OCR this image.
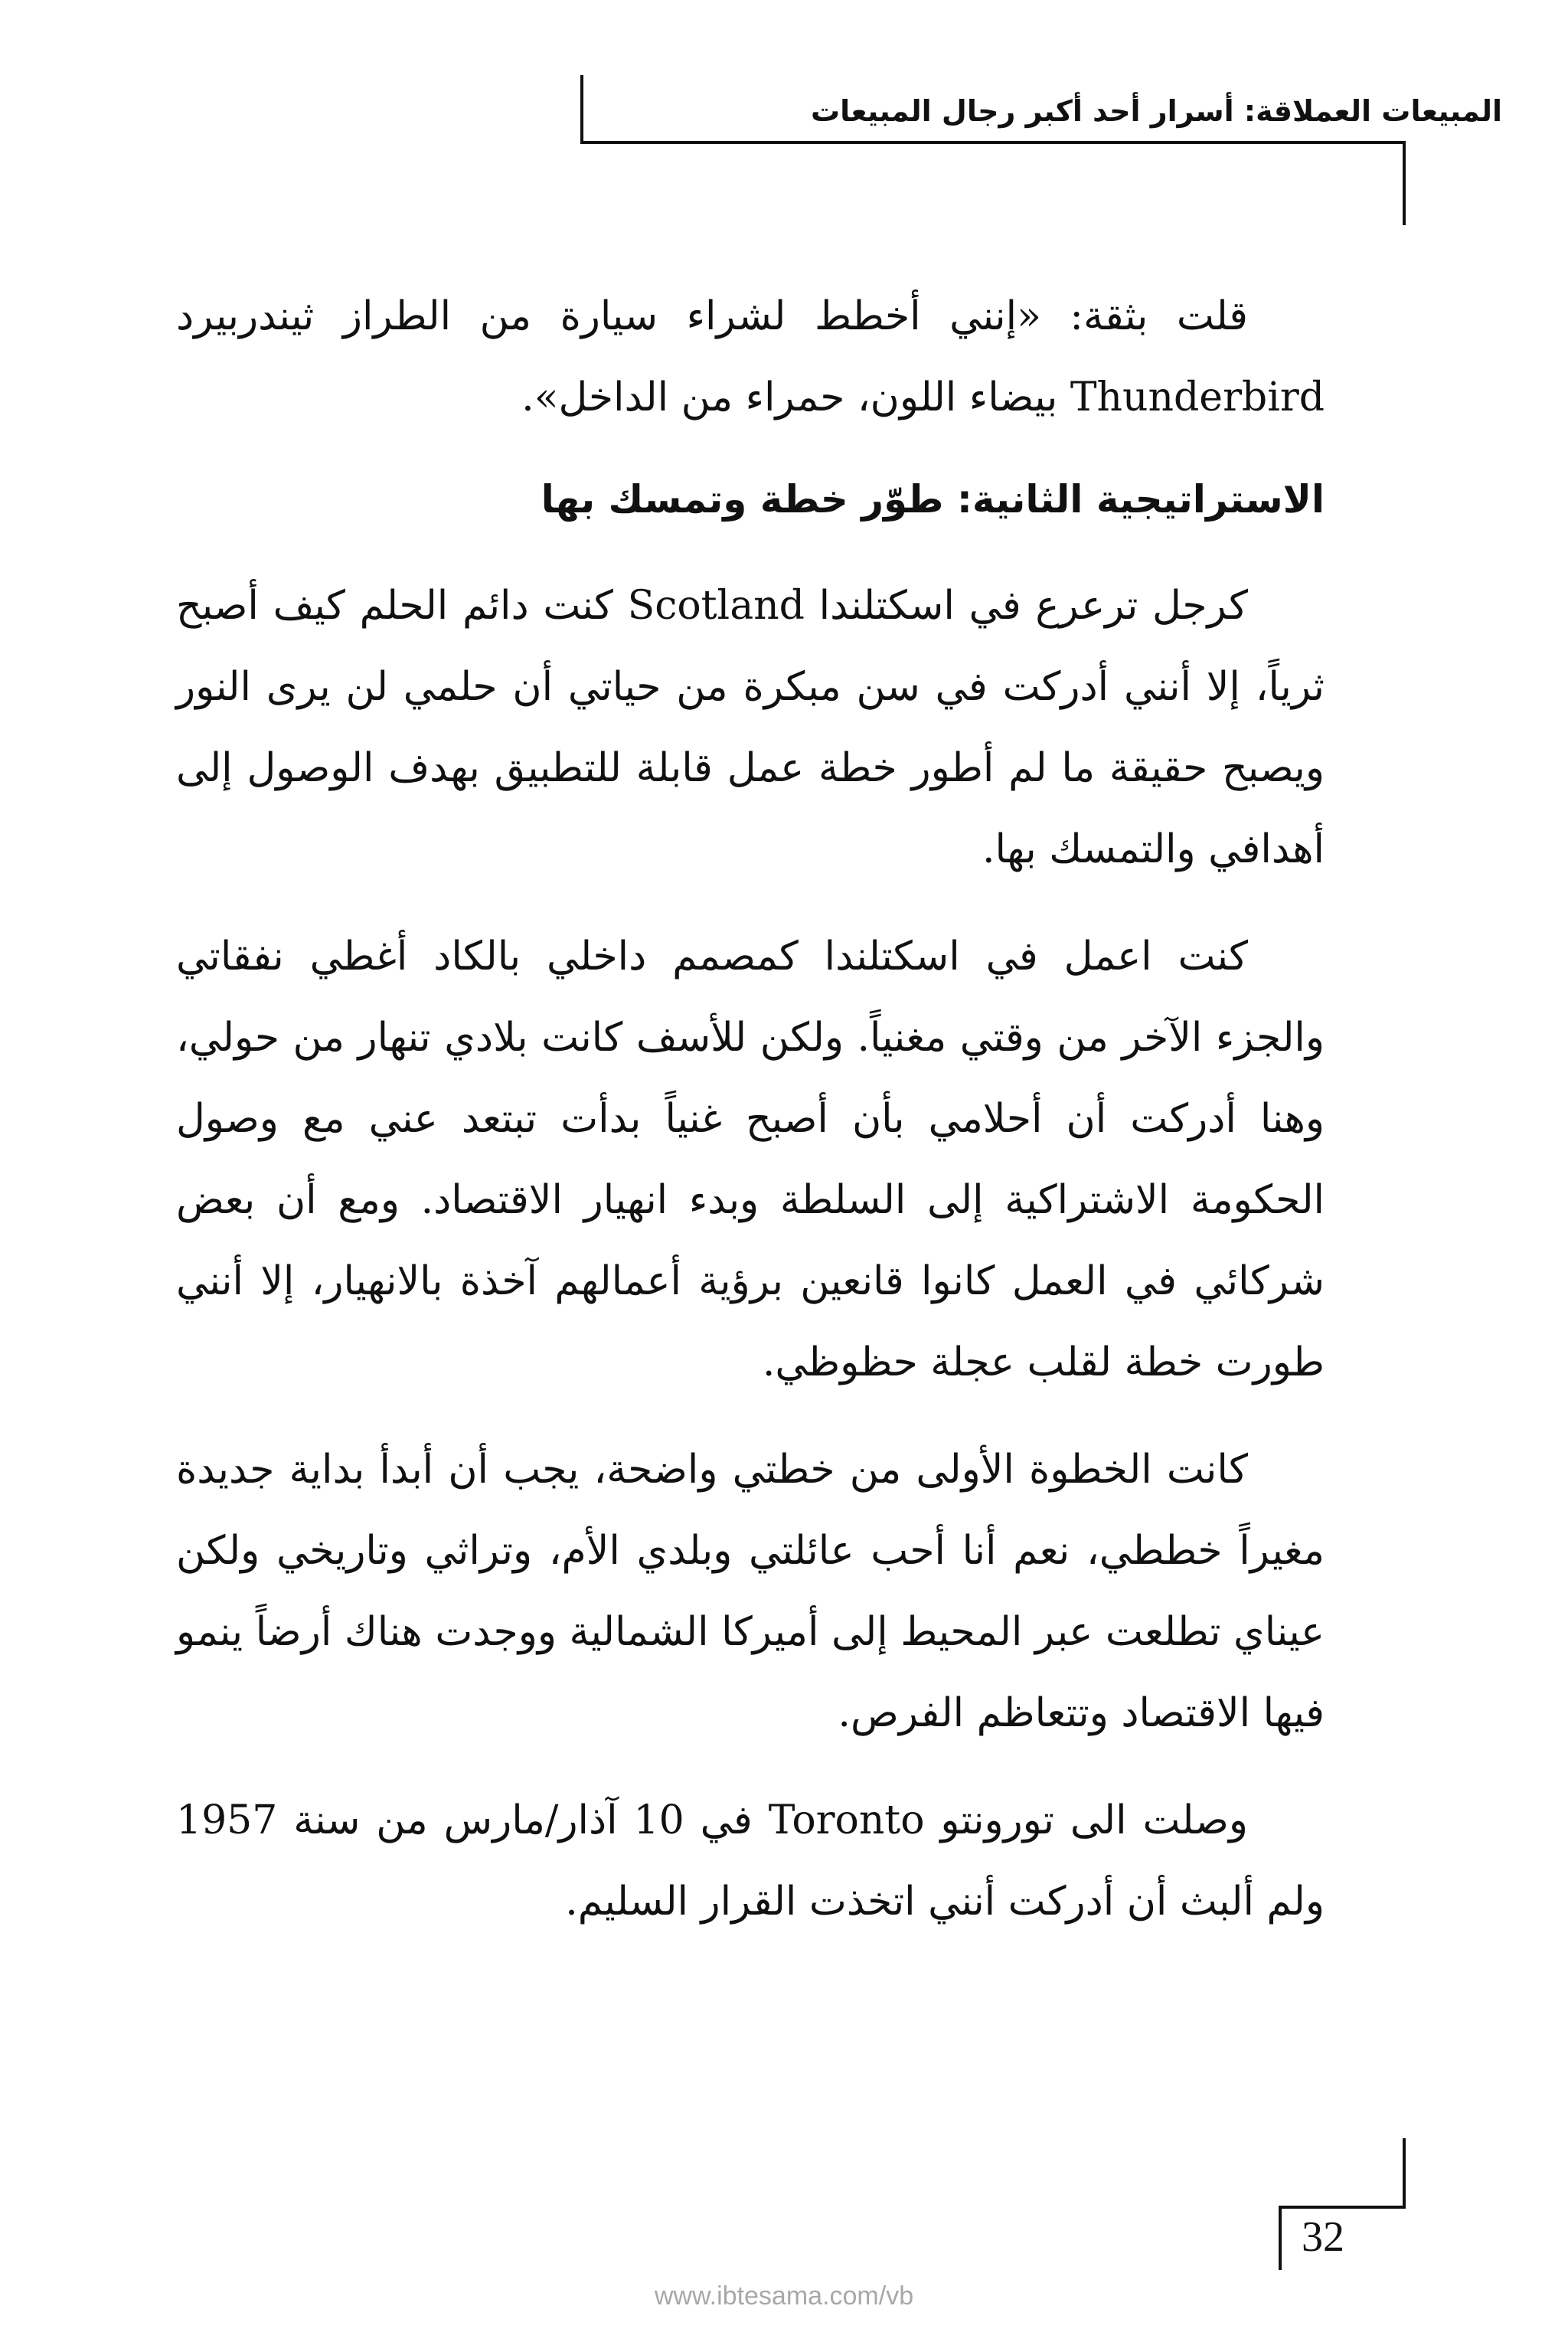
المبيعات العملاقة: أسرار أحد أكبر رجال المبيعات

قلت بثقة: «إنني أخطط لشراء سيارة من الطراز ثيندربيرد Thunderbird بيضاء اللون، حمراء من الداخل».

الاستراتيجية الثانية: طوّر خطة وتمسك بها

كرجل ترعرع في اسكتلندا Scotland كنت دائم الحلم كيف أصبح ثرياً، إلا أنني أدركت في سن مبكرة من حياتي أن حلمي لن يرى النور ويصبح حقيقة ما لم أطور خطة عمل قابلة للتطبيق بهدف الوصول إلى أهدافي والتمسك بها.

كنت اعمل في اسكتلندا كمصمم داخلي بالكاد أغطي نفقاتي والجزء الآخر من وقتي مغنياً. ولكن للأسف كانت بلادي تنهار من حولي، وهنا أدركت أن أحلامي بأن أصبح غنياً بدأت تبتعد عني مع وصول الحكومة الاشتراكية إلى السلطة وبدء انهيار الاقتصاد. ومع أن بعض شركائي في العمل كانوا قانعين برؤية أعمالهم آخذة بالانهيار، إلا أنني طورت خطة لقلب عجلة حظوظي.

كانت الخطوة الأولى من خطتي واضحة، يجب أن أبدأ بداية جديدة مغيراً خططي، نعم أنا أحب عائلتي وبلدي الأم، وتراثي وتاريخي ولكن عيناي تطلعت عبر المحيط إلى أميركا الشمالية ووجدت هناك أرضاً ينمو فيها الاقتصاد وتتعاظم الفرص.

وصلت الى تورونتو Toronto في 10 آذار/مارس من سنة 1957 ولم ألبث أن أدركت أنني اتخذت القرار السليم.

32
www.ibtesama.com/vb
